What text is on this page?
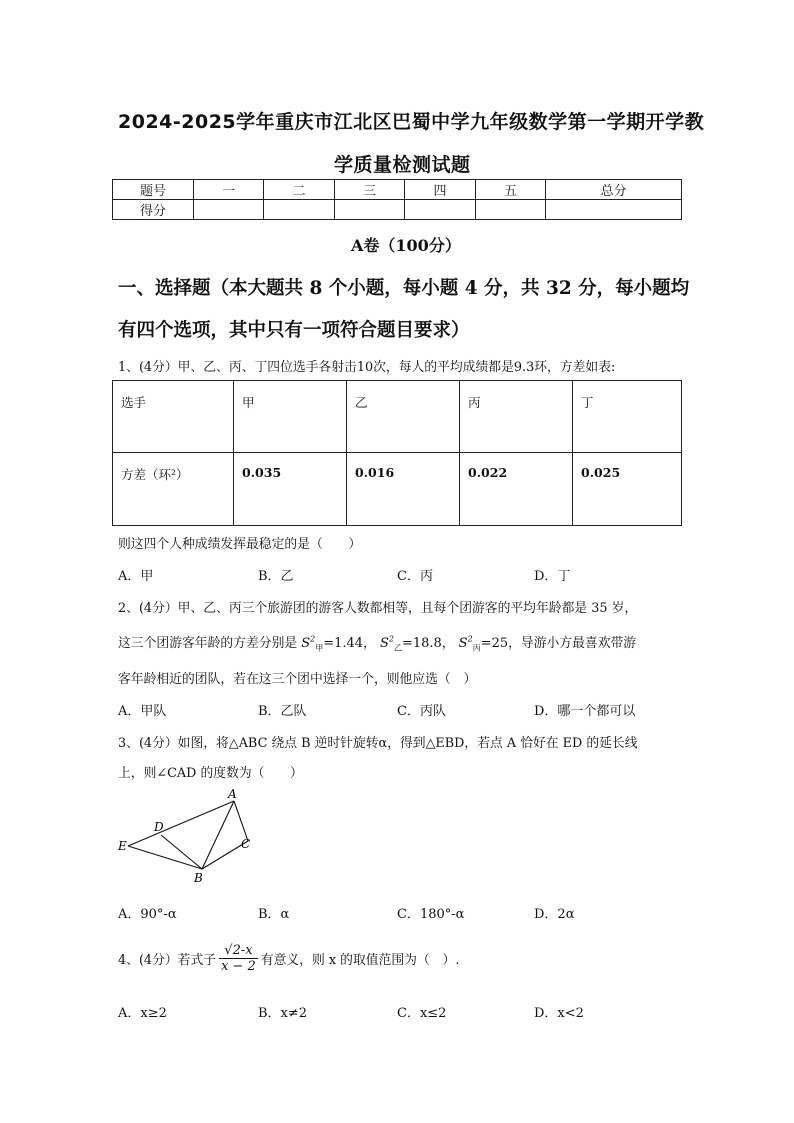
2024-2025学年重庆市江北区巴蜀中学九年级数学第一学期开学教
学质量检测试题
题号	一	二	三	四	五	总分
得分						
A卷（100分）
一、选择题（本大题共 8 个小题，每小题 4 分，共 32 分，每小题均
有四个选项，其中只有一项符合题目要求）
1、(4分）甲、乙、丙、丁四位选手各射击10次，每人的平均成绩都是9.3环，方差如表:
选手	甲	乙	丙	丁
方差（环²）	0.035	0.016	0.022	0.025
则这四个人种成绩发挥最稳定的是（　　）
A．甲	B．乙	C．丙	D．丁
2、(4分）甲、乙、丙三个旅游团的游客人数都相等，且每个团游客的平均年龄都是 35 岁，
这三个团游客年龄的方差分别是 $S^2_甲=1.44$， $S^2_乙=18.8$， $S^2_丙=25$，导游小方最喜欢带游
客年龄相近的团队，若在这三个团中选择一个，则他应选（　）
A．甲队	B．乙队	C．丙队	D．哪一个都可以
3、(4分）如图，将△ABC 绕点 B 逆时针旋转α，得到△EBD，若点 A 恰好在 ED 的延长线
上，则∠CAD 的度数为（　　）
A
C
D
E
B
A．90°-α	B．α	C．180°-α	D．2α
4、(4分）若式子 $\frac{√2-x}{x - 2}$ 有意义，则 x 的取值范围为（　）.
A．x≥2	B．x≠2	C．x≤2	D．x<2
